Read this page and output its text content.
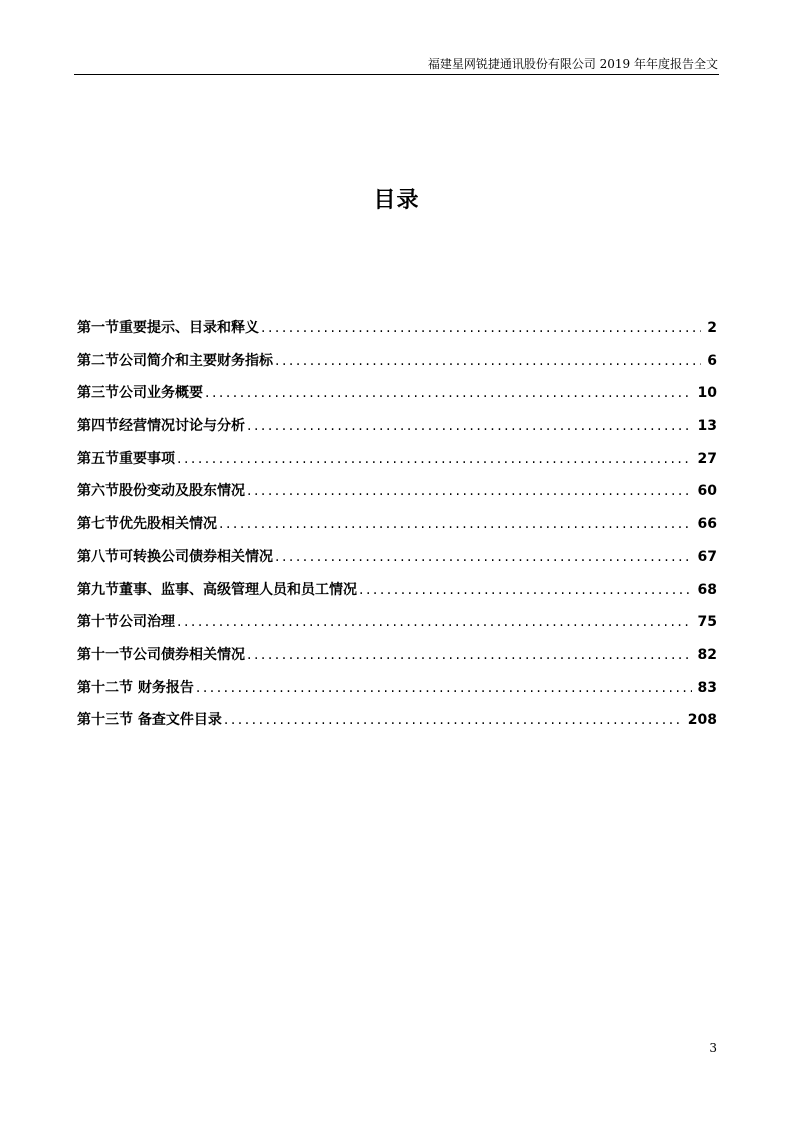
福建星网锐捷通讯股份有限公司 2019 年年度报告全文
目录
第一节重要提示、目录和释义 .....	2
第二节公司简介和主要财务指标 .....	6
第三节公司业务概要 .....	10
第四节经营情况讨论与分析 .....	13
第五节重要事项 .....	27
第六节股份变动及股东情况 .....	60
第七节优先股相关情况 .....	66
第八节可转换公司债券相关情况 .....	67
第九节董事、监事、高级管理人员和员工情况 .....	68
第十节公司治理 .....	75
第十一节公司债券相关情况 .....	82
第十二节 财务报告 .....	83
第十三节 备查文件目录 .....	208
3
